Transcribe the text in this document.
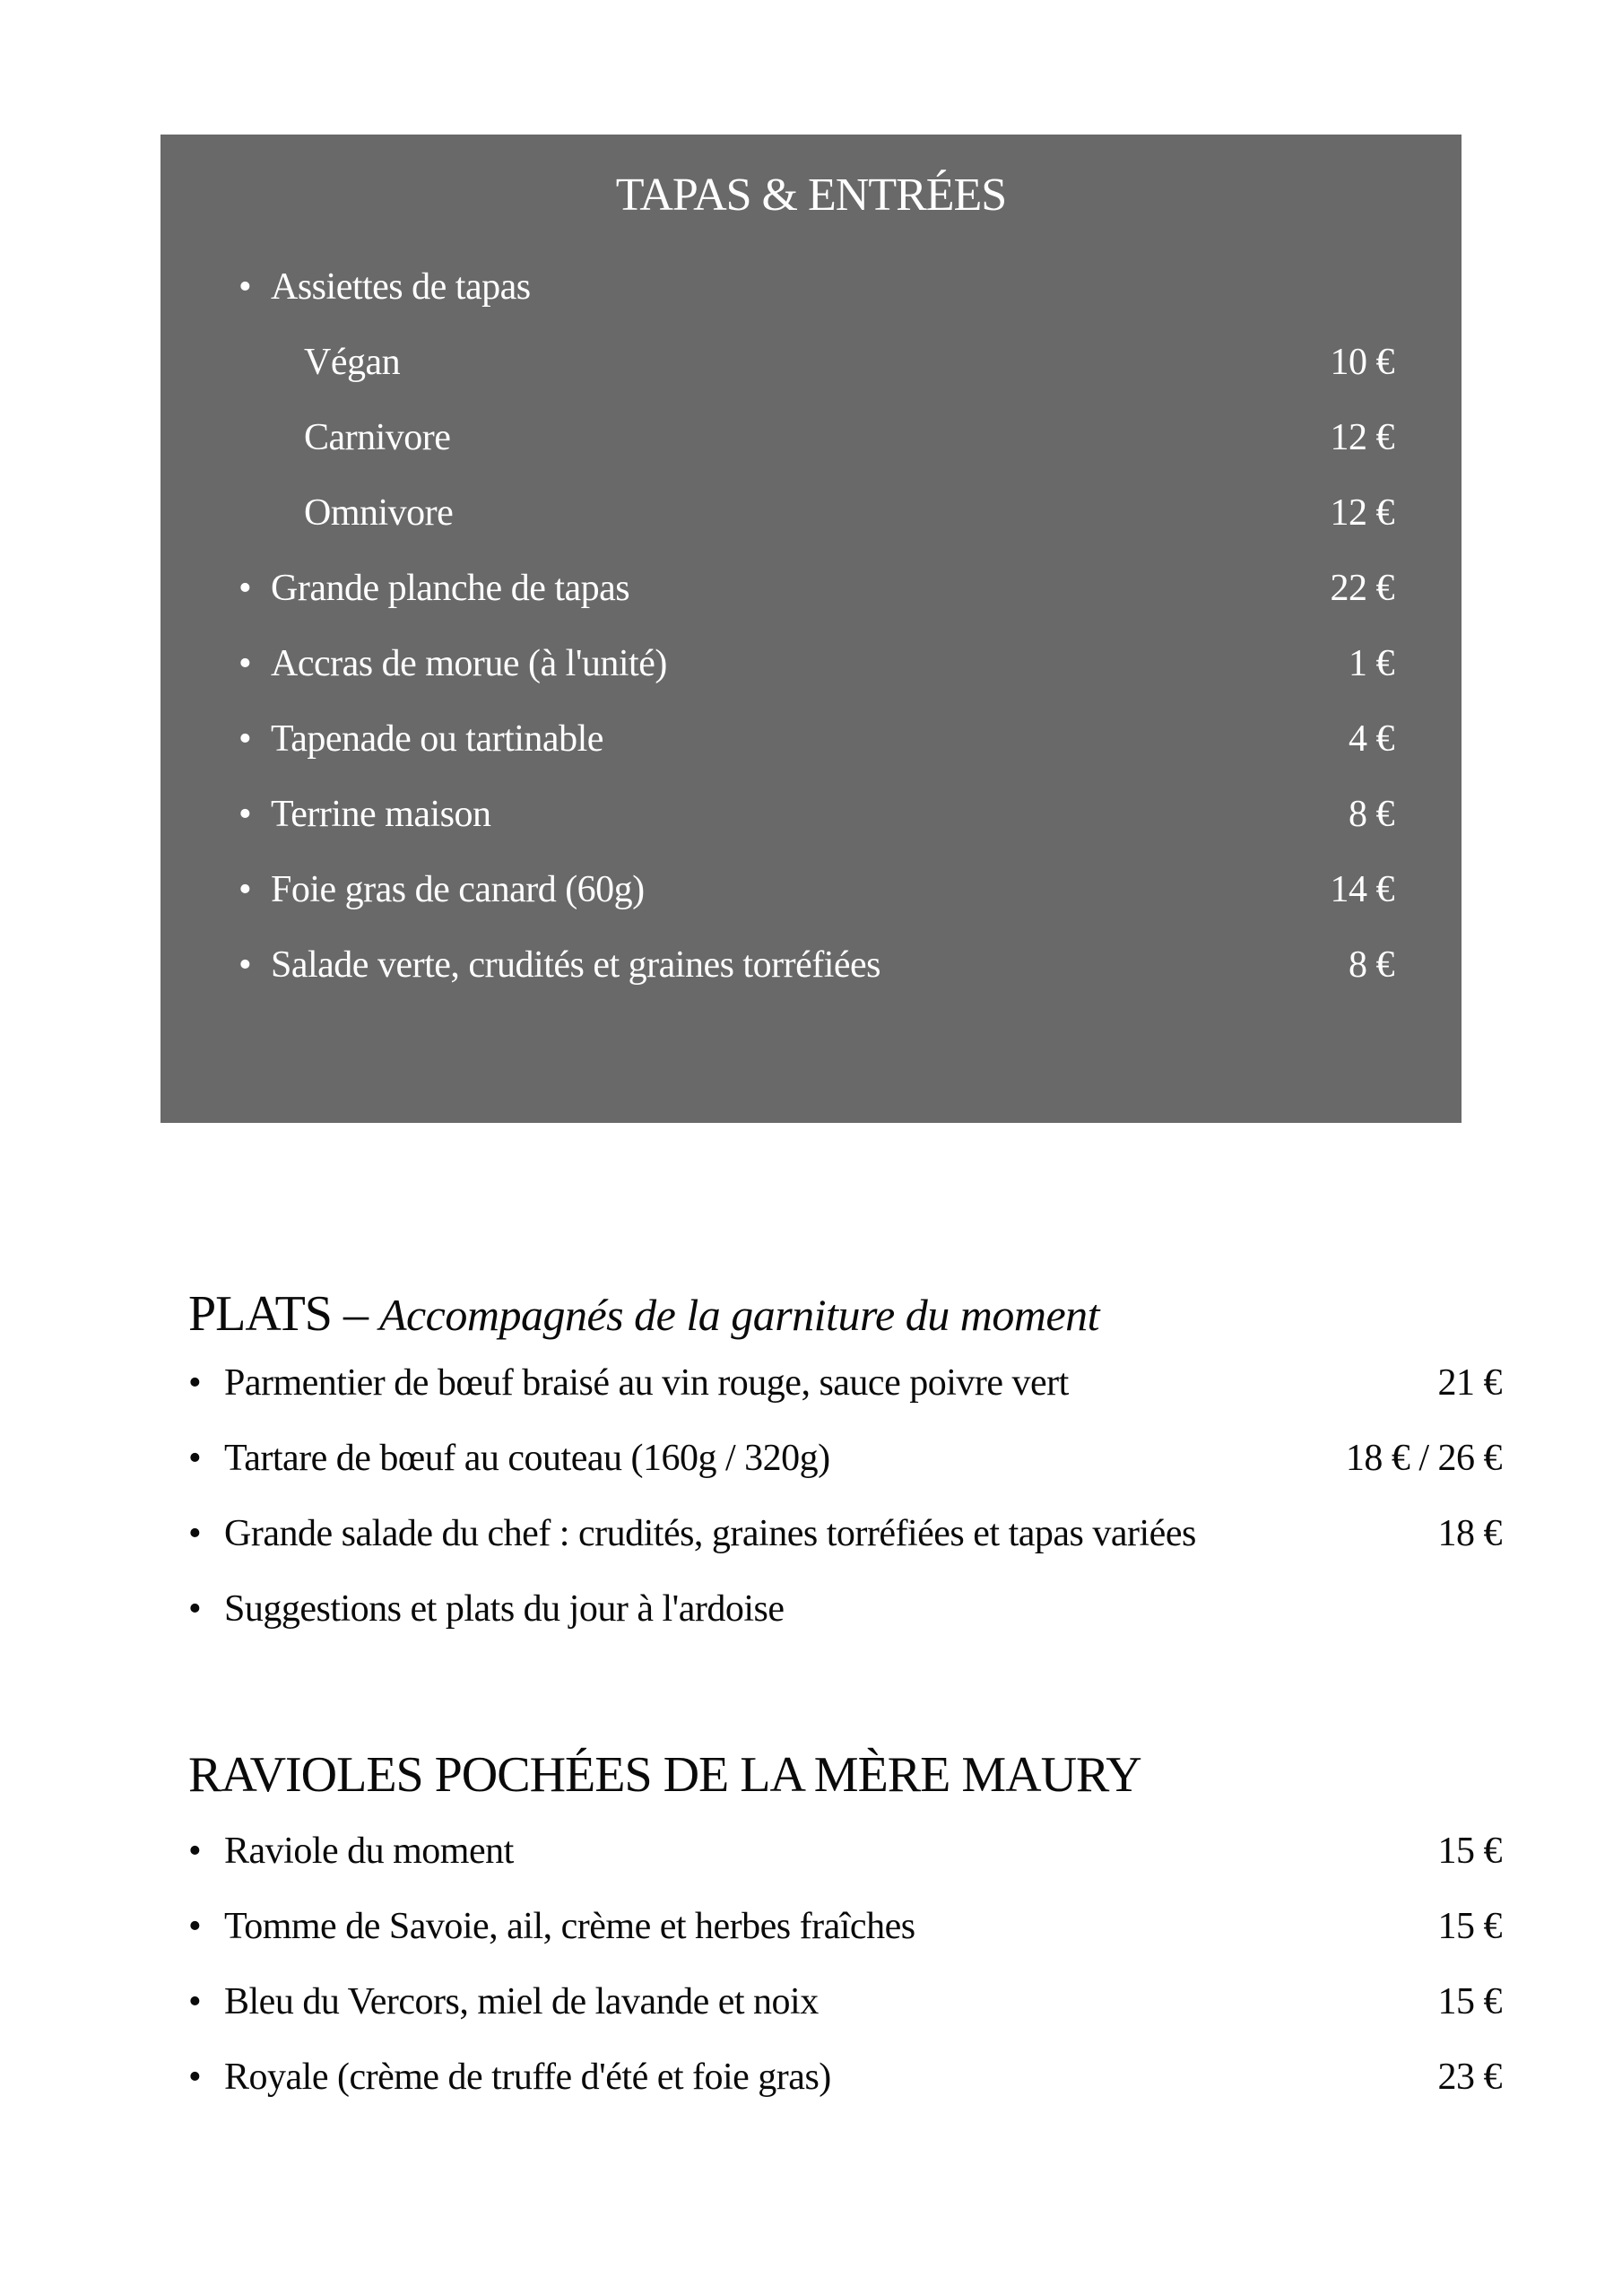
TAPAS & ENTRÉES
• Assiettes de tapas
Végan	10 €
Carnivore	12 €
Omnivore	12 €
• Grande planche de tapas	22 €
• Accras de morue (à l'unité)	1 €
• Tapenade ou tartinable	4 €
• Terrine maison	8 €
• Foie gras de canard (60g)	14 €
• Salade verte, crudités et graines torréfiées	8 €
PLATS – Accompagnés de la garniture du moment
• Parmentier de bœuf braisé au vin rouge, sauce poivre vert	21 €
• Tartare de bœuf au couteau (160g / 320g)	18 € / 26 €
• Grande salade du chef : crudités, graines torréfiées et tapas variées	18 €
• Suggestions et plats du jour à l'ardoise
RAVIOLES POCHÉES DE LA MÈRE MAURY
• Raviole du moment	15 €
• Tomme de Savoie, ail, crème et herbes fraîches	15 €
• Bleu du Vercors, miel de lavande et noix	15 €
• Royale (crème de truffe d'été et foie gras)	23 €
